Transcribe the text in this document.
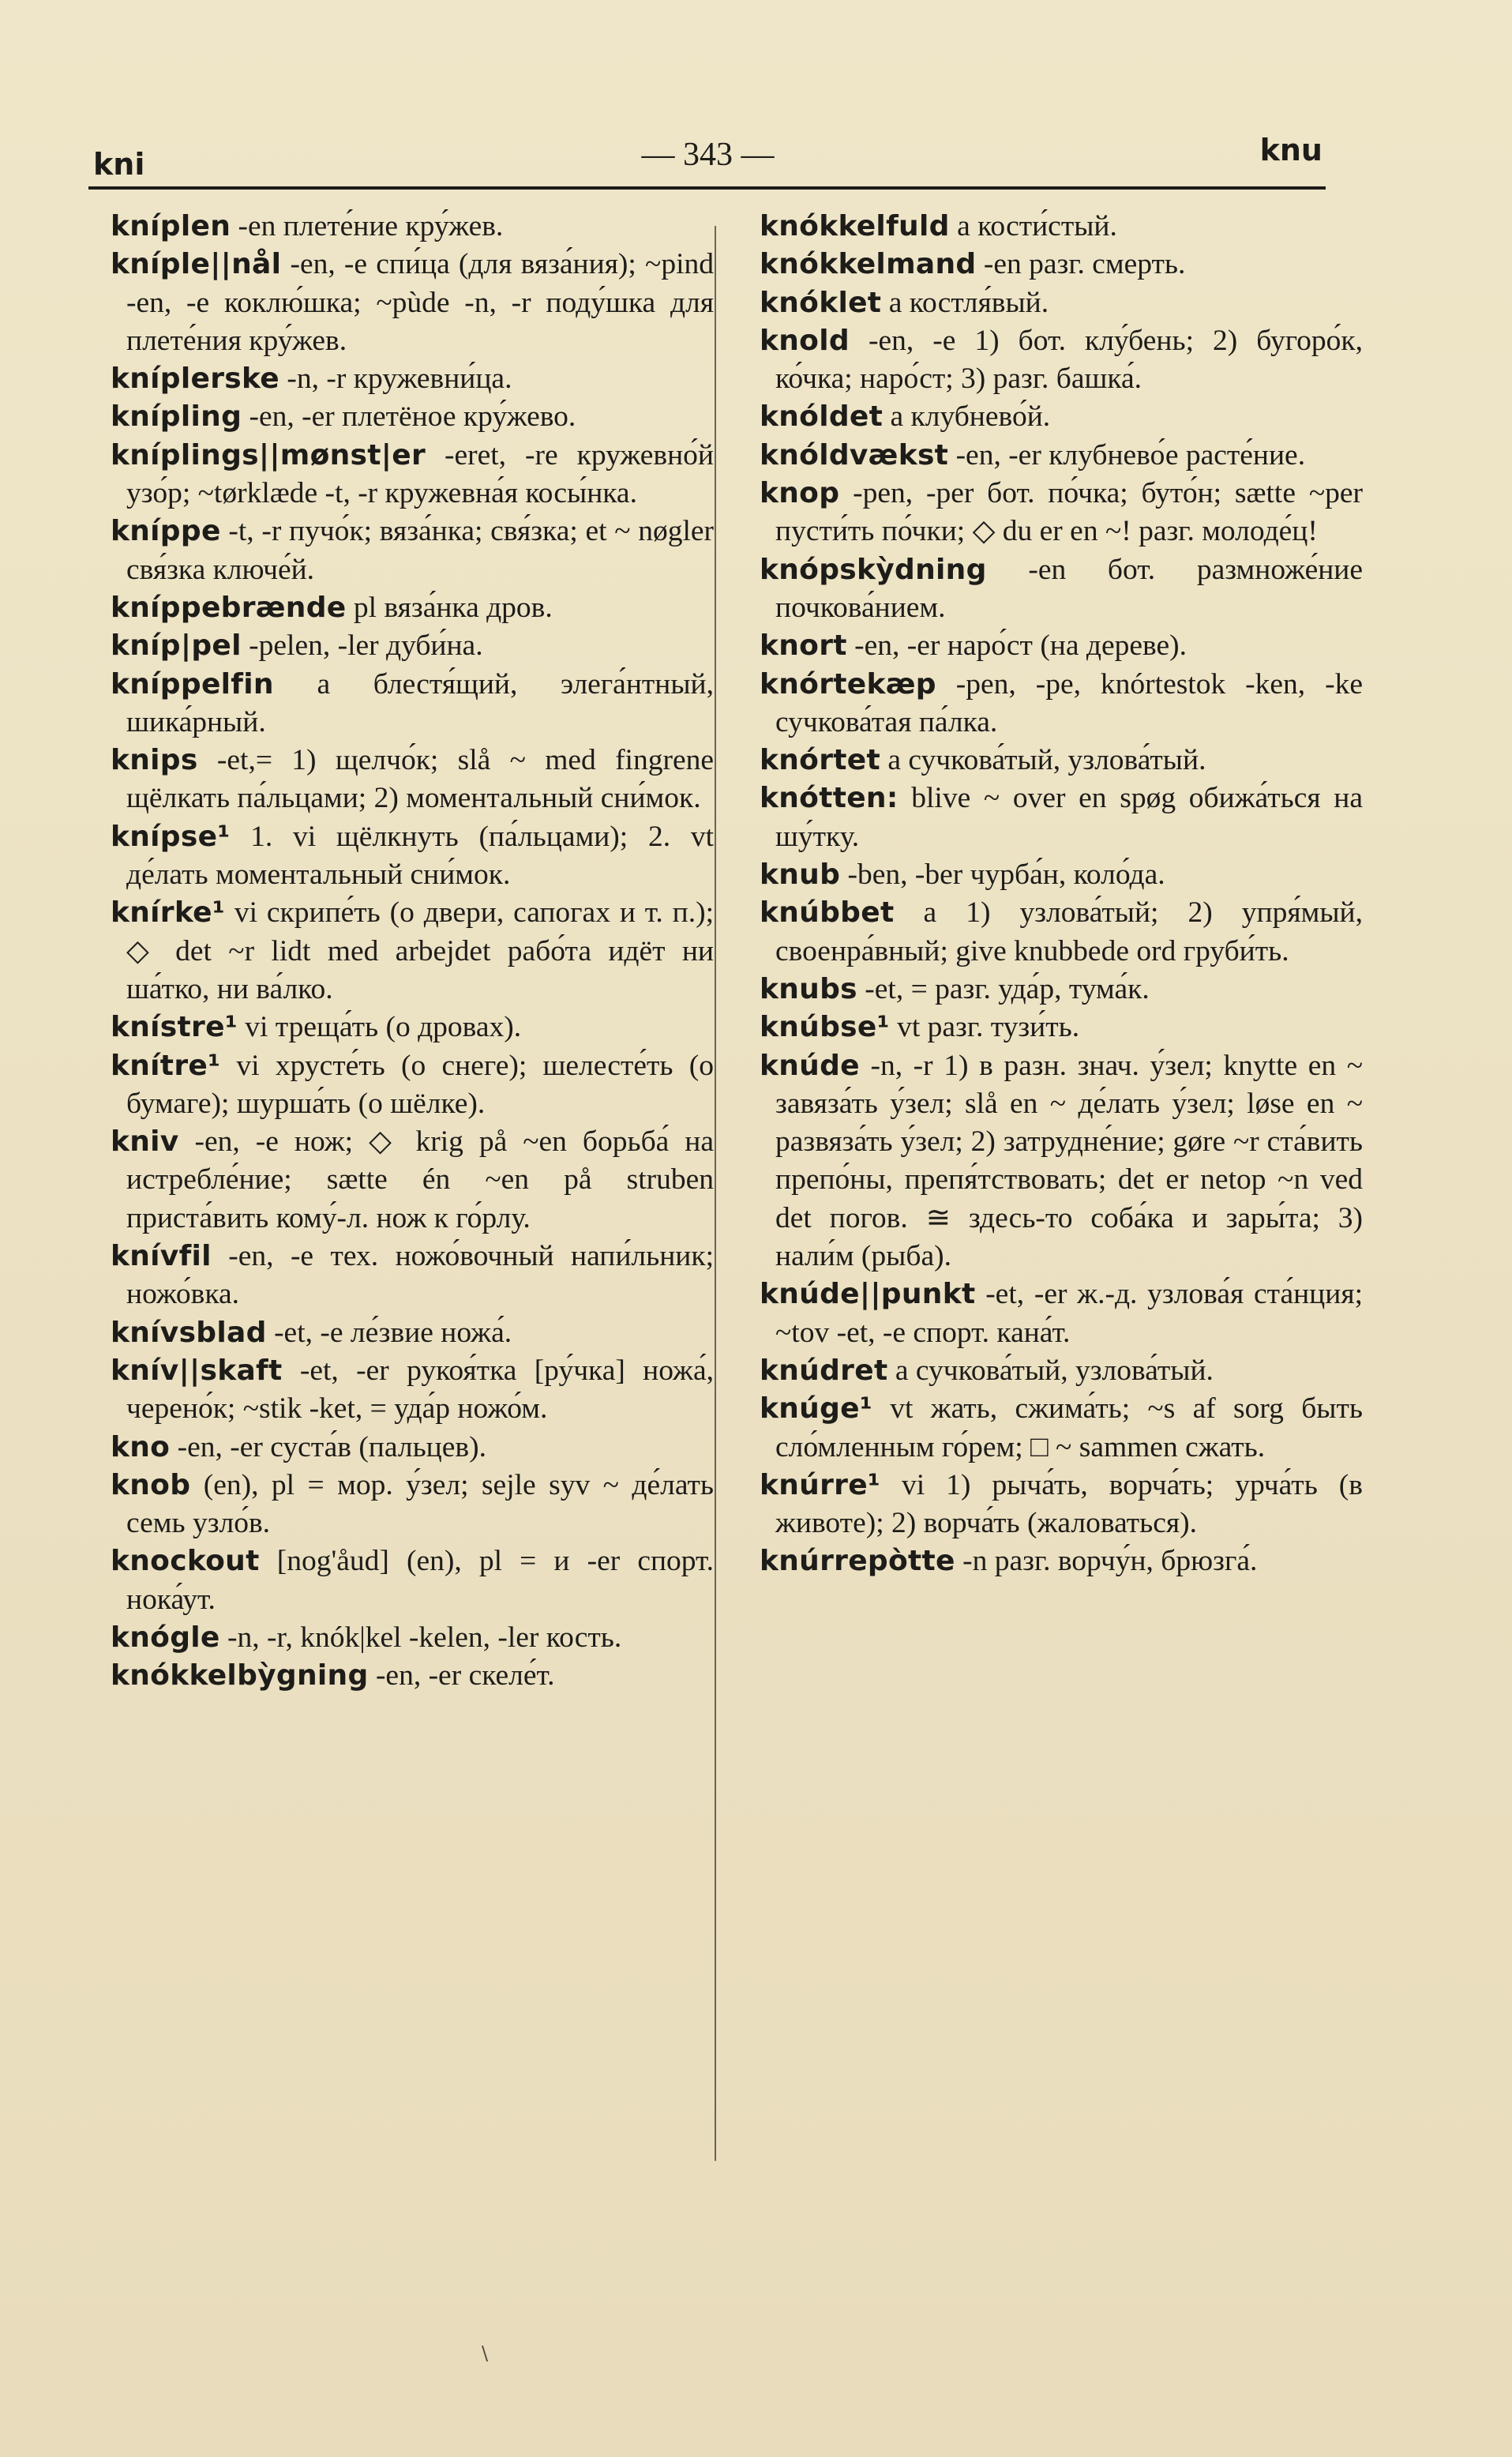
kni	— 343 —	knu

kníplen -en плете́ние кру́жев.

kníple||nål -en, -e спи́ца (для вяза́ния); ~pind -en, -e коклю́шка; ~pùde -n, -r поду́шка для плете́ния кру́жев.

kníplerske -n, -r кружевни́ца.

knípling -en, -er плетёное кру́жево.

kníplings||mønst|er -eret, -re кружевно́й узо́р; ~tørklæde -t, -r кружевна́я косы́нка.

knípре -t, -r пучо́к; вяза́нка; свя́зка; et ~ nøgler свя́зка ключе́й.

kníppebrænde pl вяза́нка дров.

kníp|pel -pelen, -ler дуби́на.

kníppelfin a блестя́щий, элега́нтный, шика́рный.

knips -et,= 1) щелчо́к; slå ~ med fingrene щёлкать па́льцами; 2) моментальный сни́мок.

knípse¹ 1. vi щёлкнуть (па́льцами); 2. vt де́лать моментальный сни́мок.

knírke¹ vi скрипе́ть (о двери, сапогах и т. п.); ◇ det ~r lidt med arbejdet рабо́та идёт ни ша́тко, ни ва́лко.

knístre¹ vi треща́ть (о дровах).

knítre¹ vi хрусте́ть (о снеге); шелесте́ть (о бумаге); шурша́ть (о шёлке).

kniv -en, -e нож; ◇ krig på ~en борьба́ на истребле́ние; sætte én ~en på struben приста́вить кому́-л. нож к го́рлу.

knívfil -en, -e тех. ножо́вочный напи́льник; ножо́вка.

knívsblad -et, -e ле́звие ножа́.

knív||skaft -et, -er рукоя́тка [ру́чка] ножа́, черено́к; ~stik -ket, = уда́р ножо́м.

kno -en, -er суста́в (пальцев).

knob (en), pl = мор. у́зел; sejle syv ~ де́лать семь узло́в.

knockout [nog'åud] (en), pl = и -er спорт. нока́ут.

knógle -n, -r, knók|kel -kelen, -ler кость.

knókkelbỳgning -en, -er скеле́т.

knókkelfuld a кости́стый.

knókkelmand -en разг. смерть.

knóklet a костля́вый.

knold -en, -e 1) бот. клу́бень; 2) бугоро́к, ко́чка; наро́ст; 3) разг. башка́.

knóldet a клубнево́й.

knóldvækst -en, -er клубнево́е расте́ние.

knop -pen, -per бот. по́чка; буто́н; sætte ~per пусти́ть по́чки; ◇ du er en ~! разг. молоде́ц!

knópskỳdning -en бот. размноже́ние почкова́нием.

knort -en, -er наро́ст (на дереве).

knórtekæp -pen, -pe, knórtestok -ken, -ke сучкова́тая па́лка.

knórtet a сучкова́тый, узлова́тый.

knótten: blive ~ over en spøg обижа́ться на шу́тку.

knub -ben, -ber чурба́н, коло́да.

knúbbet a 1) узлова́тый; 2) упря́мый, своенра́вный; give knubbede ord груби́ть.

knubs -et, = разг. уда́р, тума́к.

knúbse¹ vt разг. тузи́ть.

knúde -n, -r 1) в разн. знач. у́зел; knytte en ~ завяза́ть у́зел; slå en ~ де́лать у́зел; løse en ~ развяза́ть у́зел; 2) затрудне́ние; gøre ~r ста́вить препо́ны, препя́тствовать; det er netop ~n ved det погов. ≅ здесь-то соба́ка и зары́та; 3) нали́м (рыба).

knúde||punkt -et, -er ж.-д. узлова́я ста́нция; ~tov -et, -e спорт. кана́т.

knúdret a сучкова́тый, узлова́тый.

knúge¹ vt жать, сжима́ть; ~s af sorg быть сло́мленным го́рем; □ ~ sammen сжать.

knúrre¹ vi 1) рыча́ть, ворча́ть; урча́ть (в животе); 2) ворча́ть (жаловаться).

knúrrepòtte -n разг. ворчу́н, брюзга́.

\
